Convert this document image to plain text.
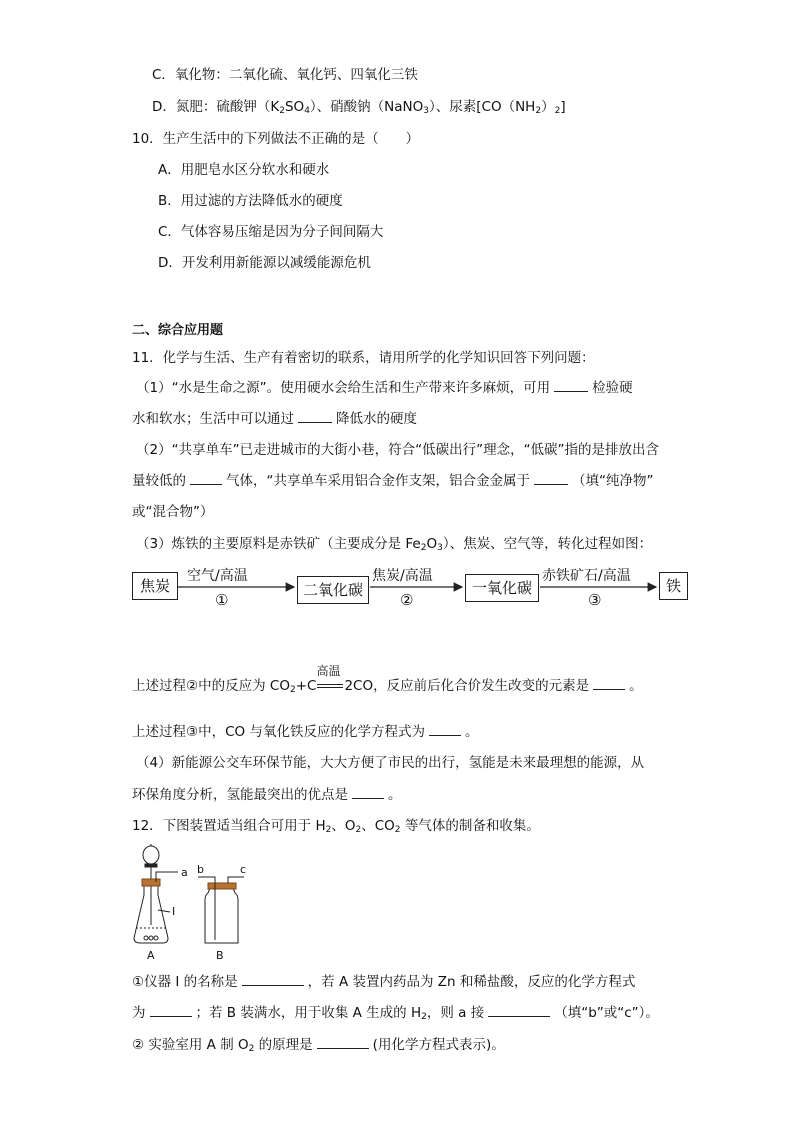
C．氧化物：二氧化硫、氧化钙、四氧化三铁
D．氮肥：硫酸钾$(K_2SO_4)$、硝酸钠（NaNO$_3$）、尿素$[CO(NH_2)_2]$
10．生产生活中的下列做法不正确的是（　　）
A．用肥皂水区分软水和硬水
B．用过滤的方法降低水的硬度
C．气体容易压缩是因为分子间间隔大
D．开发利用新能源以减缓能源危机
二、综合应用题
11．化学与生活、生产有着密切的联系，请用所学的化学知识回答下列问题：
（1）“水是生命之源”。使用硬水会给生活和生产带来许多麻烦，可用	检验硬
水和软水；生活中可以通过	降低水的硬度
（2）“共享单车”已走进城市的大街小巷，符合“低碳出行”理念，“低碳”指的是排放出含
量较低的	气体，“共享单车采用铝合金作支架，铝合金金属于	（填“纯净物”
或“混合物”）
（3）炼铁的主要原料是赤铁矿（主要成分是 $Fe_2O_3$）、焦炭、空气等，转化过程如图：
焦炭
空气/高温
①
二氧化碳
焦炭/高温
②
一氧化碳
赤铁矿石/高温
③
铁
上述过程②中的反应为 $CO_2+C$
高温
2CO，反应前后化合价发生改变的元素是	。
上述过程③中，CO 与氧化铁反应的化学方程式为	。
（4）新能源公交车环保节能，大大方便了市民的出行，氢能是未来最理想的能源，从
环保角度分析，氢能最突出的优点是	。
12．下图装置适当组合可用于 $H_2$、$O_2$、$CO_2$ 等气体的制备和收集。
a
I
b	c
A	B
①仪器 I 的名称是	，若 A 装置内药品为 Zn 和稀盐酸，反应的化学方程式
为	；若 B 装满水，用于收集 A 生成的 $H_2$，则 a 接	（填“b”或“c”）。
② 实验室用 A 制 $O_2$ 的原理是	(用化学方程式表示)。
